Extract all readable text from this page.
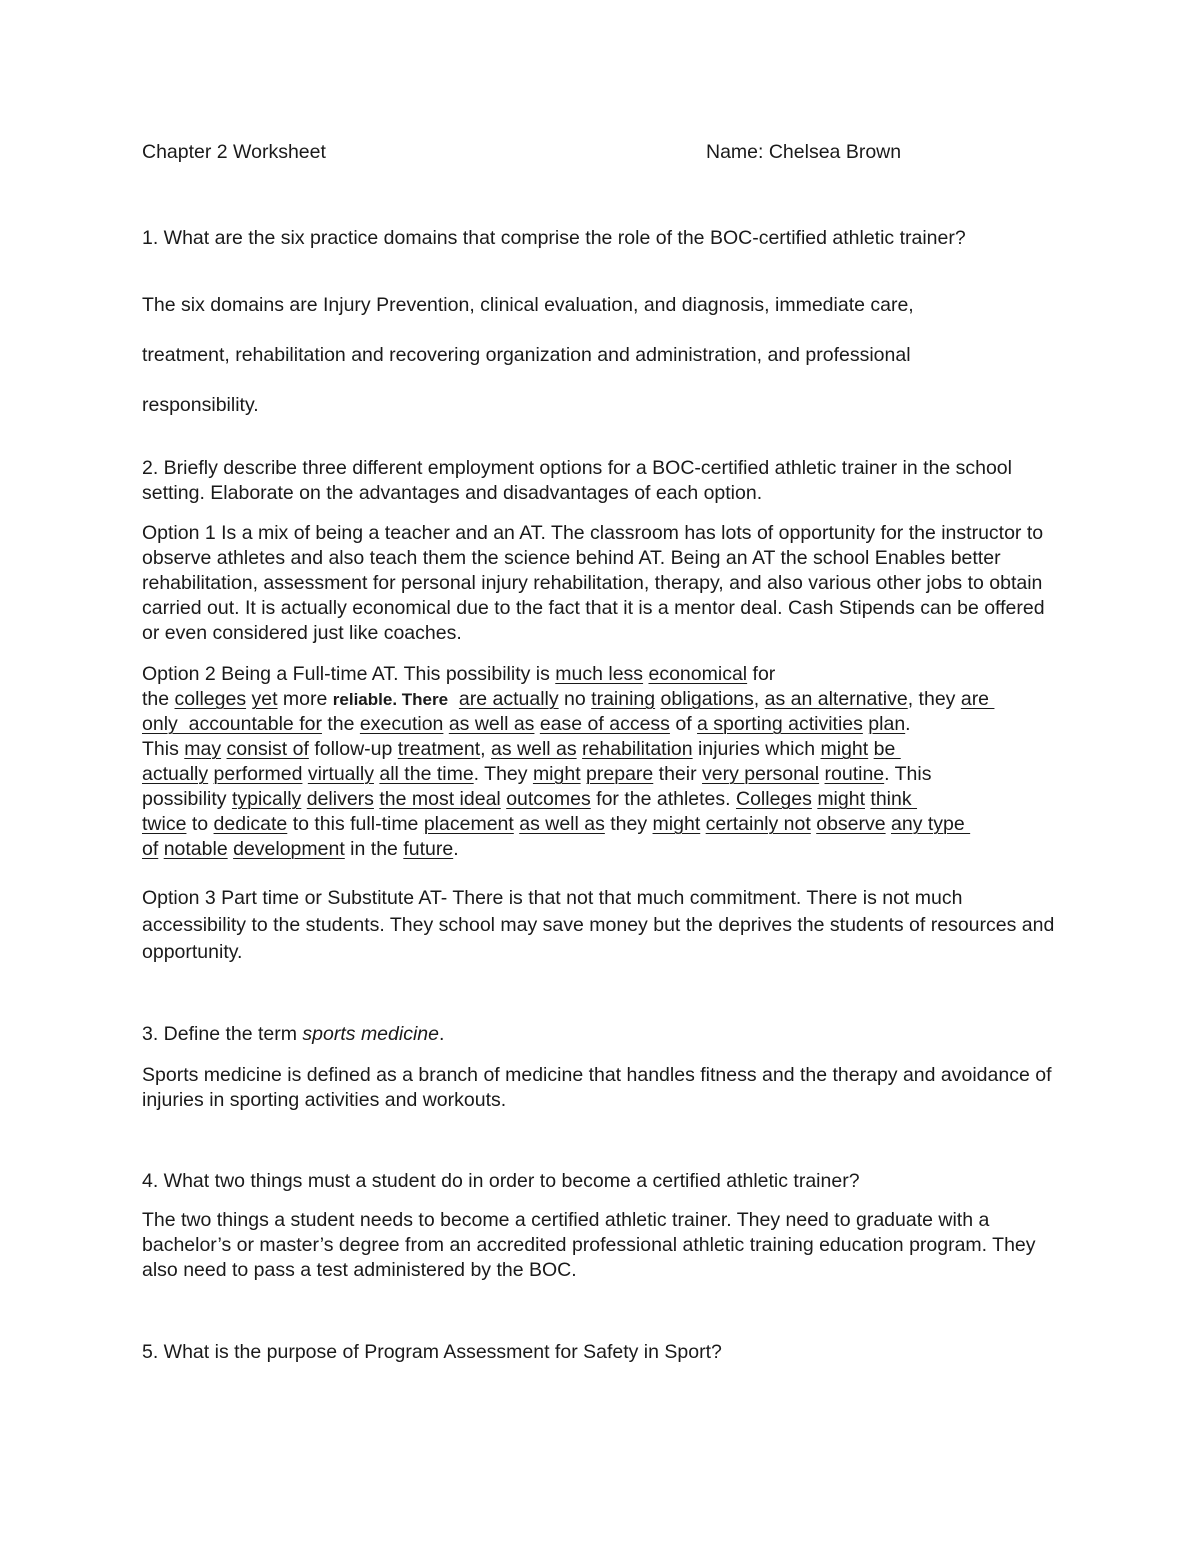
Chapter 2 Worksheet	Name: Chelsea Brown

1. What are the six practice domains that comprise the role of the BOC-certified athletic trainer?

The six domains are Injury Prevention, clinical evaluation, and diagnosis, immediate care,
treatment, rehabilitation and recovering organization and administration, and professional
responsibility.

2. Briefly describe three different employment options for a BOC-certified athletic trainer in the school setting. Elaborate on the advantages and disadvantages of each option.

Option 1 Is a mix of being a teacher and an AT. The classroom has lots of opportunity for the instructor to observe athletes and also teach them the science behind AT. Being an AT the school Enables better rehabilitation, assessment for personal injury rehabilitation, therapy, and also various other jobs to obtain carried out. It is actually economical due to the fact that it is a mentor deal. Cash Stipends can be offered or even considered just like coaches.

Option 2 Being a Full-time AT. This possibility is much less economical for
the colleges yet more reliable. There are actually no training obligations, as an alternative, they are
only  accountable for the execution as well as ease of access of a sporting activities plan.
This may consist of follow-up treatment, as well as rehabilitation injuries which might be
actually performed virtually all the time. They might prepare their very personal routine. This
possibility typically delivers the most ideal outcomes for the athletes. Colleges might think
twice to dedicate to this full-time placement as well as they might certainly not observe any type
of notable development in the future.

Option 3 Part time or Substitute AT- There is that not that much commitment. There is not much accessibility to the students. They school may save money but the deprives the students of resources and opportunity.

3. Define the term sports medicine.

Sports medicine is defined as a branch of medicine that handles fitness and the therapy and avoidance of injuries in sporting activities and workouts.

4. What two things must a student do in order to become a certified athletic trainer?

The two things a student needs to become a certified athletic trainer. They need to graduate with a bachelor’s or master’s degree from an accredited professional athletic training education program. They also need to pass a test administered by the BOC.

5. What is the purpose of Program Assessment for Safety in Sport?
